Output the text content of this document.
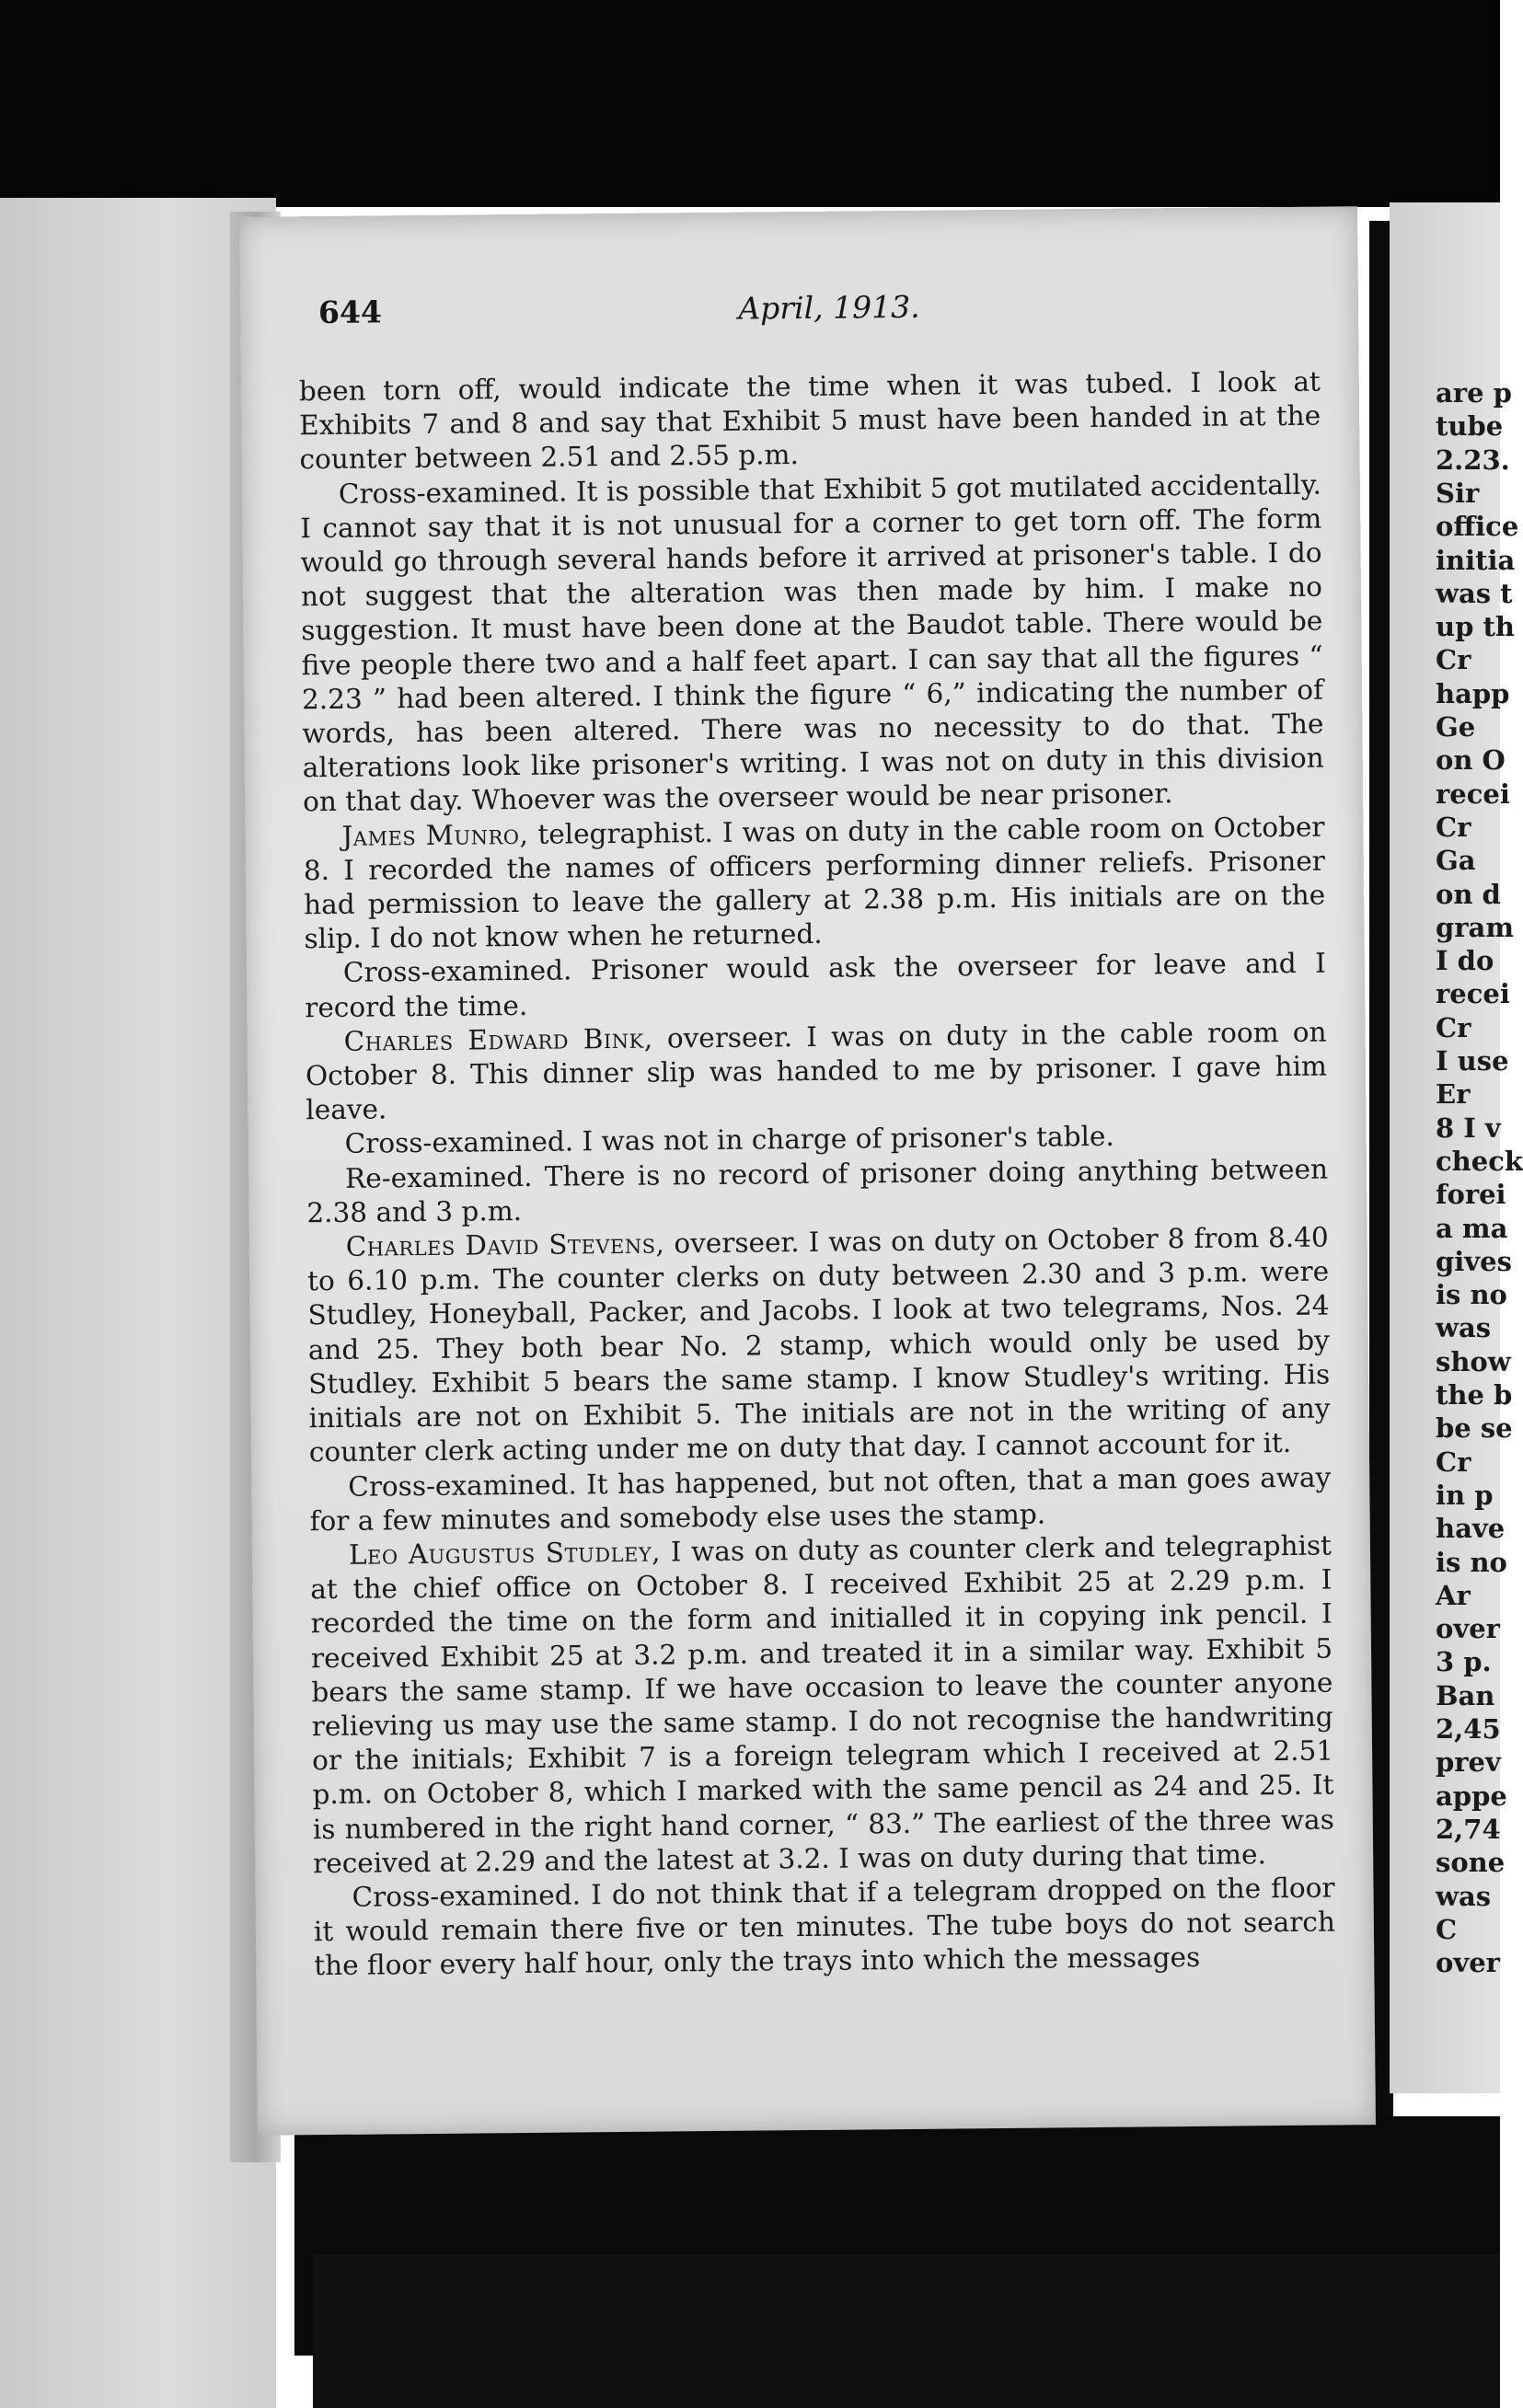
are p
tube
2.23.
Sir
office
initia
was t
up th
Cr
happ
Ge
on O
recei
Cr
Ga
on d
gram
I do
recei
Cr
I use
Er
8 I v
check
forei
a ma
gives
is no
was
show
the b
be se
Cr
in p
have
is no
Ar
over
3 p.
Ban
2,45
prev
appe
2,74
sone
was
C
over
April, 1913.
644

been torn off, would indicate the time when it was tubed. I look at Exhibits 7 and 8 and say that Exhibit 5 must have been handed in at the counter between 2.51 and 2.55 p.m.

Cross-examined. It is possible that Exhibit 5 got mutilated accidentally. I cannot say that it is not unusual for a corner to get torn off. The form would go through several hands before it arrived at prisoner's table. I do not suggest that the alteration was then made by him. I make no suggestion. It must have been done at the Baudot table. There would be five people there two and a half feet apart. I can say that all the figures “ 2.23 ” had been altered. I think the figure “ 6,” indicating the number of words, has been altered. There was no necessity to do that. The alterations look like prisoner's writing. I was not on duty in this division on that day. Whoever was the overseer would be near prisoner.

James Munro, telegraphist. I was on duty in the cable room on October 8. I recorded the names of officers performing dinner reliefs. Prisoner had permission to leave the gallery at 2.38 p.m. His initials are on the slip. I do not know when he returned.

Cross-examined. Prisoner would ask the overseer for leave and I record the time.

Charles Edward Bink, overseer. I was on duty in the cable room on October 8. This dinner slip was handed to me by prisoner. I gave him leave.

Cross-examined. I was not in charge of prisoner's table.

Re-examined. There is no record of prisoner doing anything between 2.38 and 3 p.m.

Charles David Stevens, overseer. I was on duty on October 8 from 8.40 to 6.10 p.m. The counter clerks on duty between 2.30 and 3 p.m. were Studley, Honeyball, Packer, and Jacobs. I look at two telegrams, Nos. 24 and 25. They both bear No. 2 stamp, which would only be used by Studley. Exhibit 5 bears the same stamp. I know Studley's writing. His initials are not on Exhibit 5. The initials are not in the writing of any counter clerk acting under me on duty that day. I cannot account for it.

Cross-examined. It has happened, but not often, that a man goes away for a few minutes and somebody else uses the stamp.

Leo Augustus Studley, I was on duty as counter clerk and telegraphist at the chief office on October 8. I received Exhibit 25 at 2.29 p.m. I recorded the time on the form and initialled it in copying ink pencil. I received Exhibit 25 at 3.2 p.m. and treated it in a similar way. Exhibit 5 bears the same stamp. If we have occasion to leave the counter anyone relieving us may use the same stamp. I do not recognise the handwriting or the initials; Exhibit 7 is a foreign telegram which I received at 2.51 p.m. on October 8, which I marked with the same pencil as 24 and 25. It is numbered in the right hand corner, “ 83.” The earliest of the three was received at 2.29 and the latest at 3.2. I was on duty during that time.

Cross-examined. I do not think that if a telegram dropped on the floor it would remain there five or ten minutes. The tube boys do not search the floor every half hour, only the trays into which the messages
